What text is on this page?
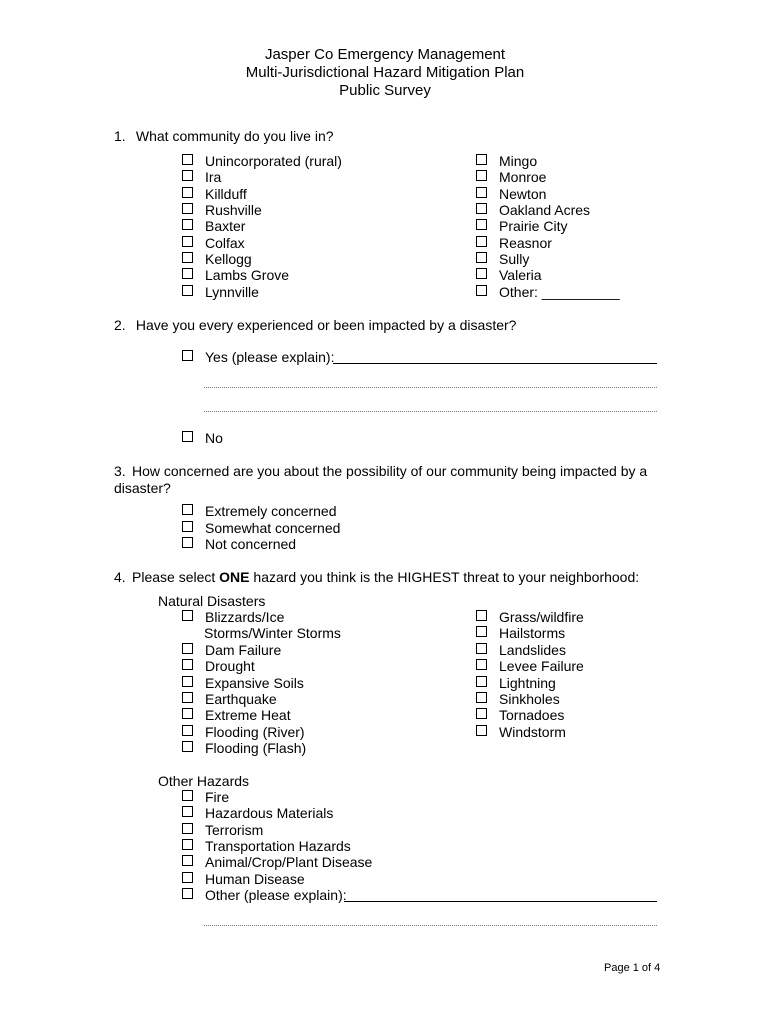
Jasper Co Emergency Management
Multi-Jurisdictional Hazard Mitigation Plan
Public Survey
1. What community do you live in?
Unincorporated (rural)
Ira
Killduff
Rushville
Baxter
Colfax
Kellogg
Lambs Grove
Lynnville
Mingo
Monroe
Newton
Oakland Acres
Prairie City
Reasnor
Sully
Valeria
Other: __________
2. Have you every experienced or been impacted by a disaster?
Yes (please explain):
No
3. How concerned are you about the possibility of our community being impacted by a
disaster?
Extremely concerned
Somewhat concerned
Not concerned
4. Please select ONE hazard you think is the HIGHEST threat to your neighborhood:
Natural Disasters
Blizzards/Ice
Storms/Winter Storms
Dam Failure
Drought
Expansive Soils
Earthquake
Extreme Heat
Flooding (River)
Flooding (Flash)
Grass/wildfire
Hailstorms
Landslides
Levee Failure
Lightning
Sinkholes
Tornadoes
Windstorm
Other Hazards
Fire
Hazardous Materials
Terrorism
Transportation Hazards
Animal/Crop/Plant Disease
Human Disease
Other (please explain):
Page 1 of 4
